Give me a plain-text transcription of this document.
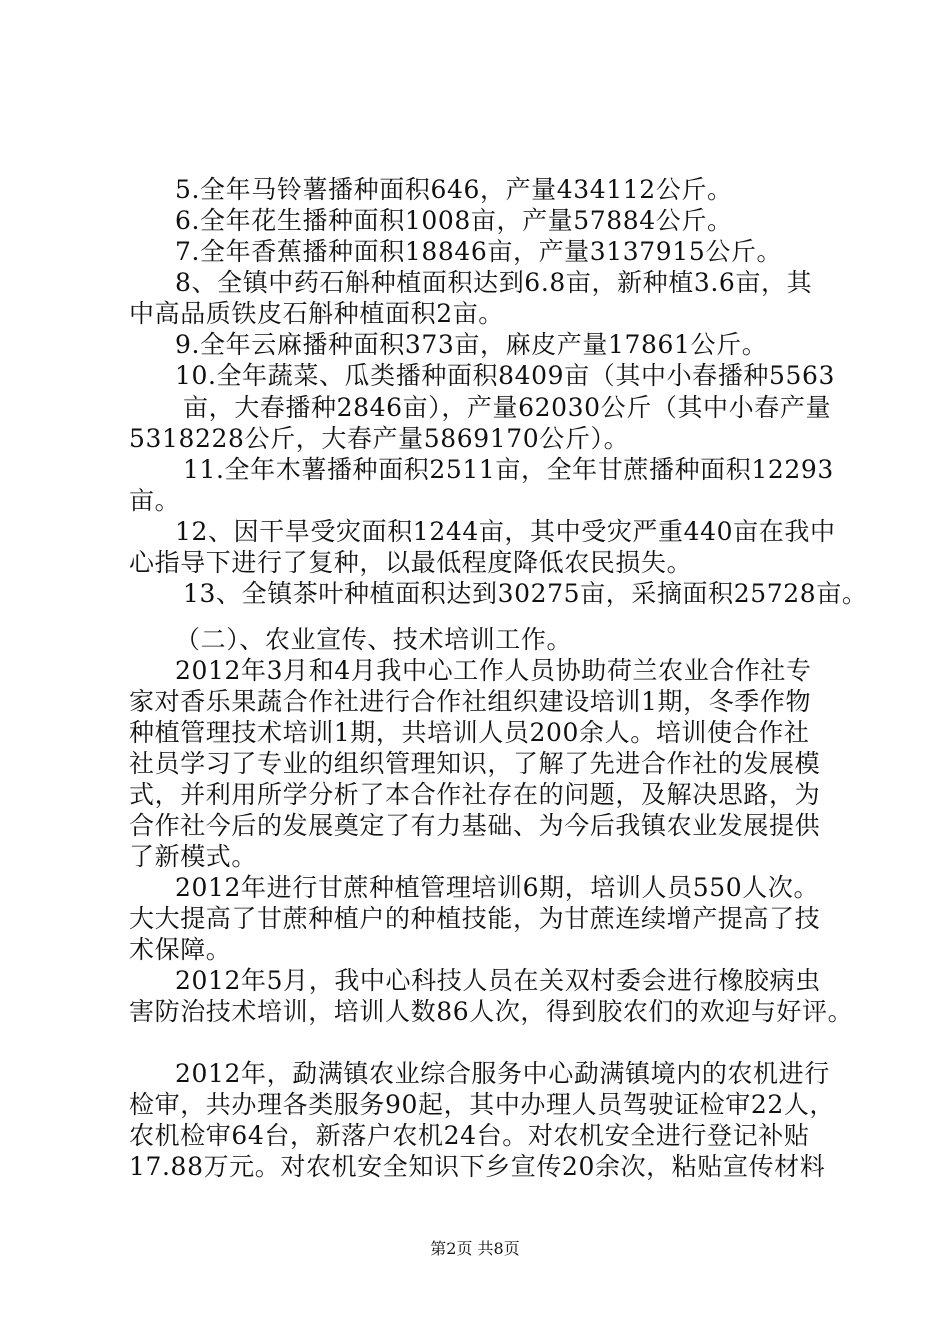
5.全年马铃薯播种面积646，产量434112公斤。
6.全年花生播种面积1008亩，产量57884公斤。
7.全年香蕉播种面积18846亩，产量3137915公斤。
8、全镇中药石斛种植面积达到6.8亩，新种植3.6亩，其
中高品质铁皮石斛种植面积2亩。
9.全年云麻播种面积373亩，麻皮产量17861公斤。
10.全年蔬菜、瓜类播种面积8409亩（其中小春播种5563
亩，大春播种2846亩），产量62030公斤（其中小春产量
5318228公斤，大春产量5869170公斤）。
11.全年木薯播种面积2511亩，全年甘蔗播种面积12293
亩。
12、因干旱受灾面积1244亩，其中受灾严重440亩在我中
心指导下进行了复种，以最低程度降低农民损失。
13、全镇茶叶种植面积达到30275亩，采摘面积25728亩。
（二）、农业宣传、技术培训工作。
2012年3月和4月我中心工作人员协助荷兰农业合作社专
家对香乐果蔬合作社进行合作社组织建设培训1期，冬季作物
种植管理技术培训1期，共培训人员200余人。培训使合作社
社员学习了专业的组织管理知识，了解了先进合作社的发展模
式，并利用所学分析了本合作社存在的问题，及解决思路，为
合作社今后的发展奠定了有力基础、为今后我镇农业发展提供
了新模式。
2012年进行甘蔗种植管理培训6期，培训人员550人次。
大大提高了甘蔗种植户的种植技能，为甘蔗连续增产提高了技
术保障。
2012年5月，我中心科技人员在关双村委会进行橡胶病虫
害防治技术培训，培训人数86人次，得到胶农们的欢迎与好评。
2012年，勐满镇农业综合服务中心勐满镇境内的农机进行
检审，共办理各类服务90起，其中办理人员驾驶证检审22人，
农机检审64台，新落户农机24台。对农机安全进行登记补贴
17.88万元。对农机安全知识下乡宣传20余次，粘贴宣传材料
第2页 共8页
